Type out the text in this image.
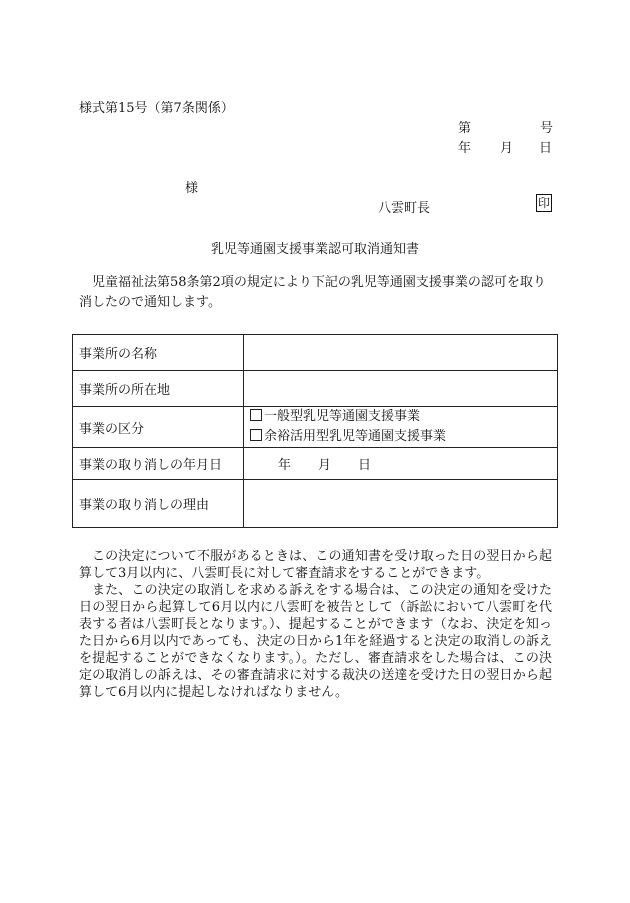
様式第15号（第7条関係）
第	号
年 月 日
様
八雲町長	印
乳児等通園支援事業認可取消通知書
児童福祉法第58条第2項の規定により下記の乳児等通園支援事業の認可を取り消したので通知します。
事業所の名称	
事業所の所在地	
事業の区分	一般型乳児等通園支援事業
余裕活用型乳児等通園支援事業

事業の取り消しの年月日	年 月 日
事業の取り消しの理由	
この決定について不服があるときは、この通知書を受け取った日の翌日から起算して3月以内に、八雲町長に対して審査請求をすることができます。
また、この決定の取消しを求める訴えをする場合は、この決定の通知を受けた日の翌日から起算して6月以内に八雲町を被告として（訴訟において八雲町を代表する者は八雲町長となります。）、提起することができます（なお、決定を知った日から6月以内であっても、決定の日から1年を経過すると決定の取消しの訴えを提起することができなくなります。）。ただし、審査請求をした場合は、この決定の取消しの訴えは、その審査請求に対する裁決の送達を受けた日の翌日から起算して6月以内に提起しなければなりません。
